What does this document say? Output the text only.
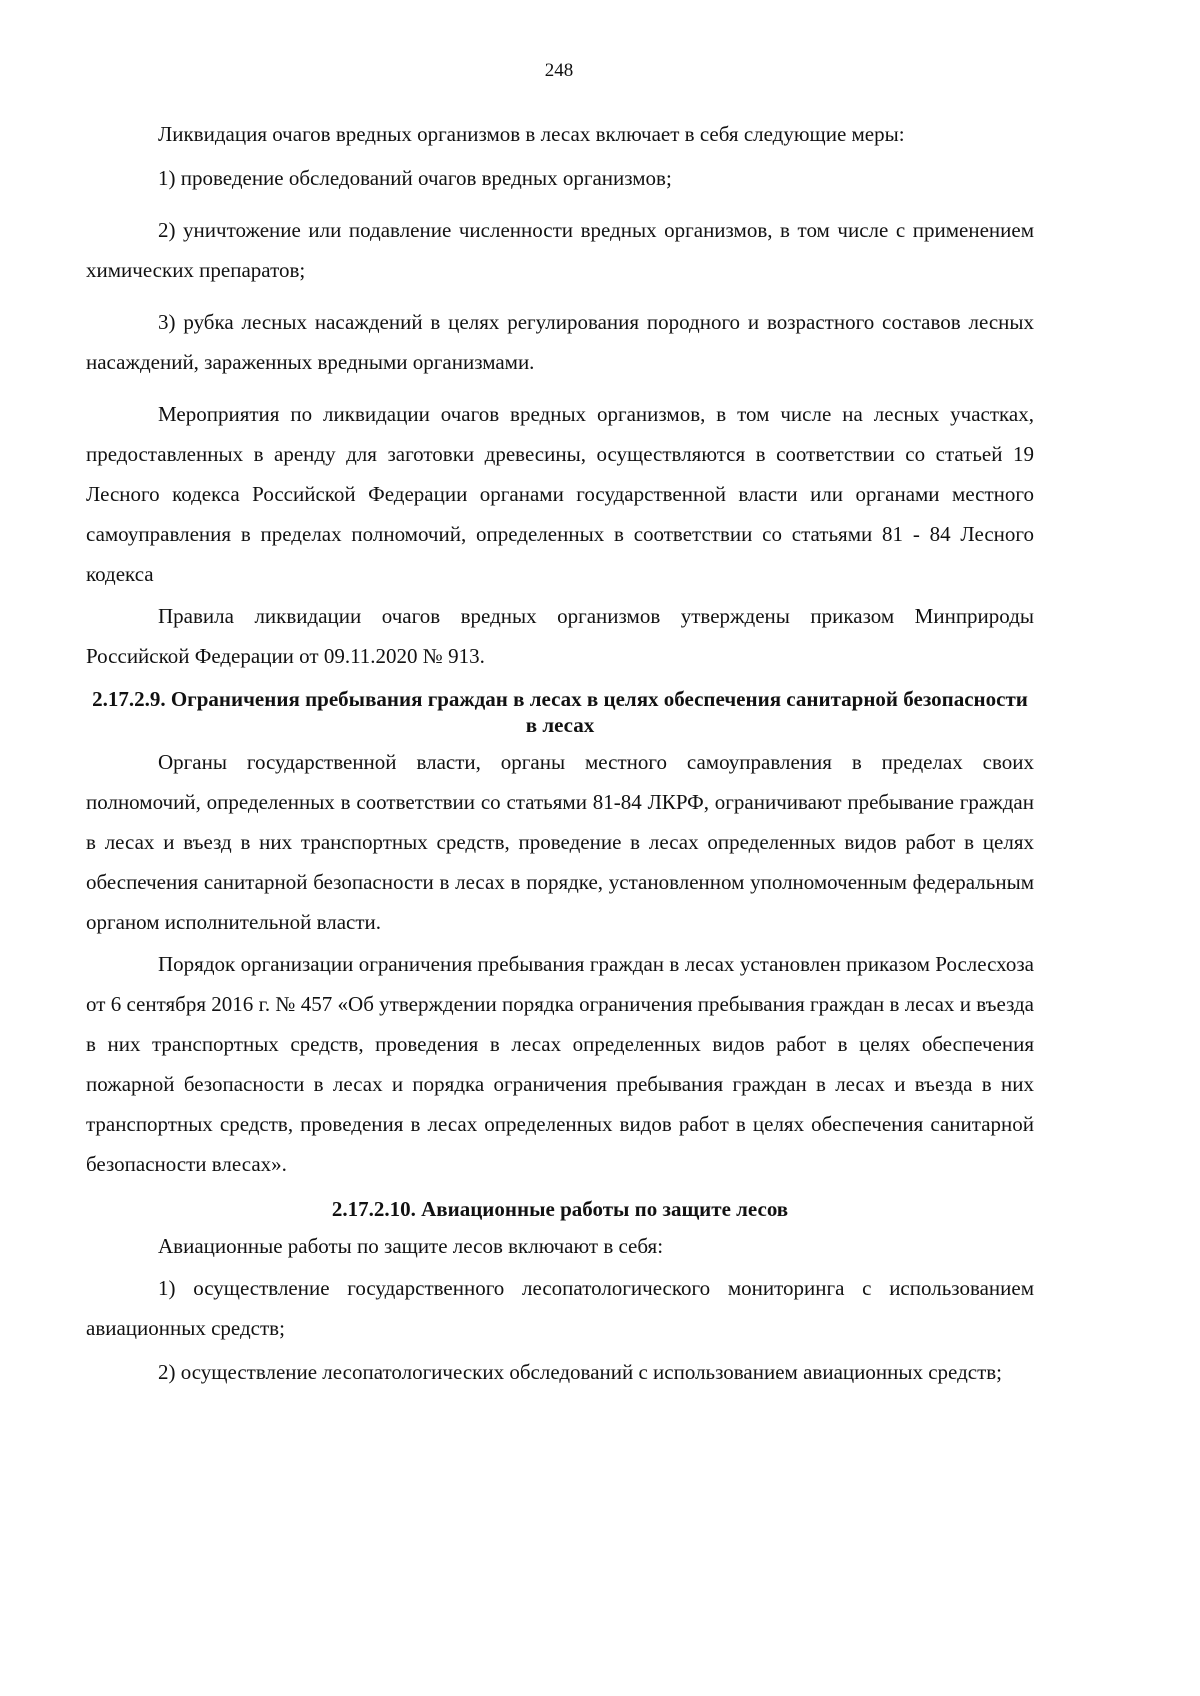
248

Ликвидация очагов вредных организмов в лесах включает в себя следующие меры:

1) проведение обследований очагов вредных организмов;

2) уничтожение или подавление численности вредных организмов, в том числе с применением химических препаратов;

3) рубка лесных насаждений в целях регулирования породного и возрастного составов лесных насаждений, зараженных вредными организмами.

Мероприятия по ликвидации очагов вредных организмов, в том числе на лесных участках, предоставленных в аренду для заготовки древесины, осуществляются в соответствии со статьей 19 Лесного кодекса Российской Федерации органами государственной власти или органами местного самоуправления в пределах полномочий, определенных в соответствии со статьями 81 - 84 Лесного кодекса

Правила ликвидации очагов вредных организмов утверждены приказом Минприроды Российской Федерации от 09.11.2020 № 913.

2.17.2.9. Ограничения пребывания граждан в лесах в целях обеспечения санитарной безопасности в лесах

Органы государственной власти, органы местного самоуправления в пределах своих полномочий, определенных в соответствии со статьями 81-84 ЛКРФ, ограничивают пребывание граждан в лесах и въезд в них транспортных средств, проведение в лесах определенных видов работ в целях обеспечения санитарной безопасности в лесах в порядке, установленном уполномоченным федеральным органом исполнительной власти.

Порядок организации ограничения пребывания граждан в лесах установлен приказом Рослесхоза от 6 сентября 2016 г. № 457 «Об утверждении порядка ограничения пребывания граждан в лесах и въезда в них транспортных средств, проведения в лесах определенных видов работ в целях обеспечения пожарной безопасности в лесах и порядка ограничения пребывания граждан в лесах и въезда в них транспортных средств, проведения в лесах определенных видов работ в целях обеспечения санитарной безопасности влесах».

2.17.2.10. Авиационные работы по защите лесов

Авиационные работы по защите лесов включают в себя:

1) осуществление государственного лесопатологического мониторинга с использованием авиационных средств;

2) осуществление лесопатологических обследований с использованием авиационных средств;
